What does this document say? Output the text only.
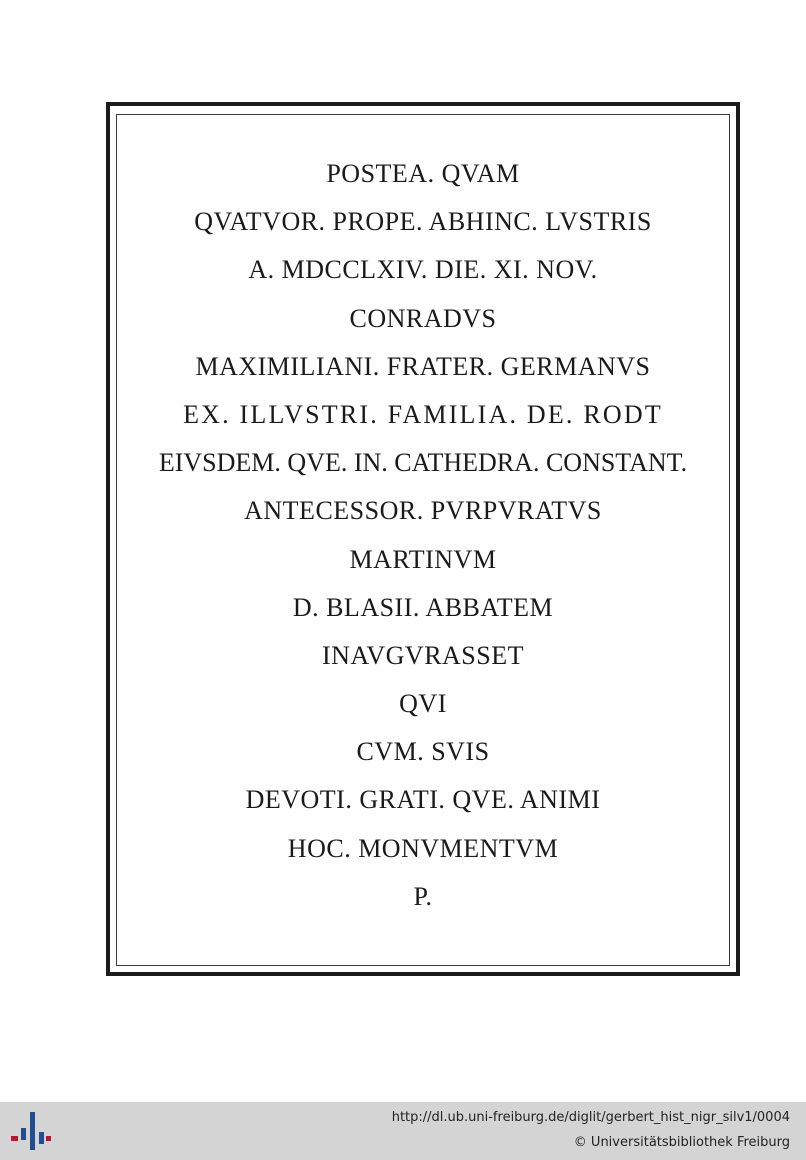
POSTEA. QVAM
QVATVOR. PROPE. ABHINC. LVSTRIS
A. MDCCLXIV. DIE. XI. NOV.
CONRADVS
MAXIMILIANI. FRATER. GERMANVS
EX. ILLVSTRI. FAMILIA. DE. RODT
EIVSDEM. QVE. IN. CATHEDRA. CONSTANT.
ANTECESSOR. PVRPVRATVS
MARTINVM
D. BLASII. ABBATEM
INAVGVRASSET
QVI
CVM. SVIS
DEVOTI. GRATI. QVE. ANIMI
HOC. MONVMENTVM
P.
http://dl.ub.uni-freiburg.de/diglit/gerbert_hist_nigr_silv1/0004
© Universitätsbibliothek Freiburg
